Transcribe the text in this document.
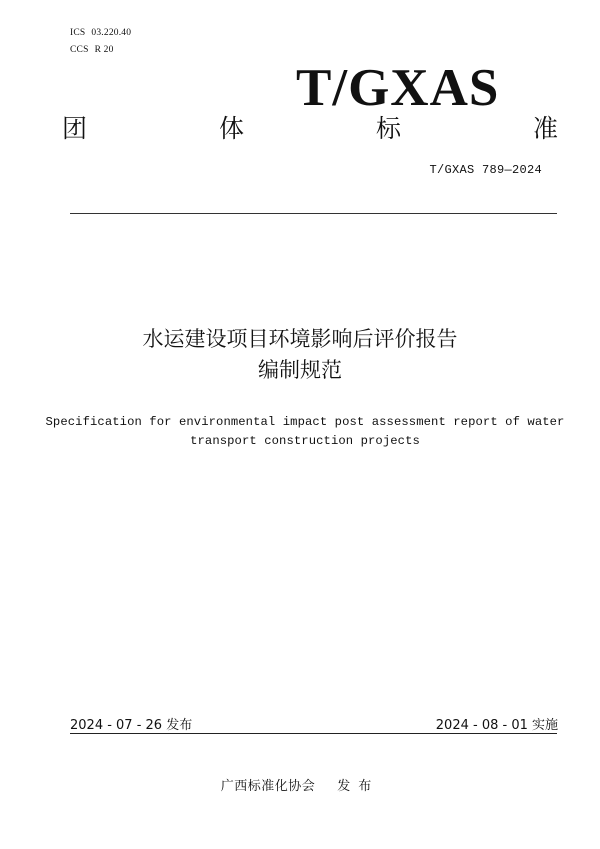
ICS 03.220.40
CCS R 20
T/GXAS
团	体	标	准
T/GXAS 789—2024
水运建设项目环境影响后评价报告
编制规范
Specification for environmental impact post assessment report of water
transport construction projects
2024 - 07 - 26 发布	2024 - 08 - 01 实施
广西标准化协会 发布
